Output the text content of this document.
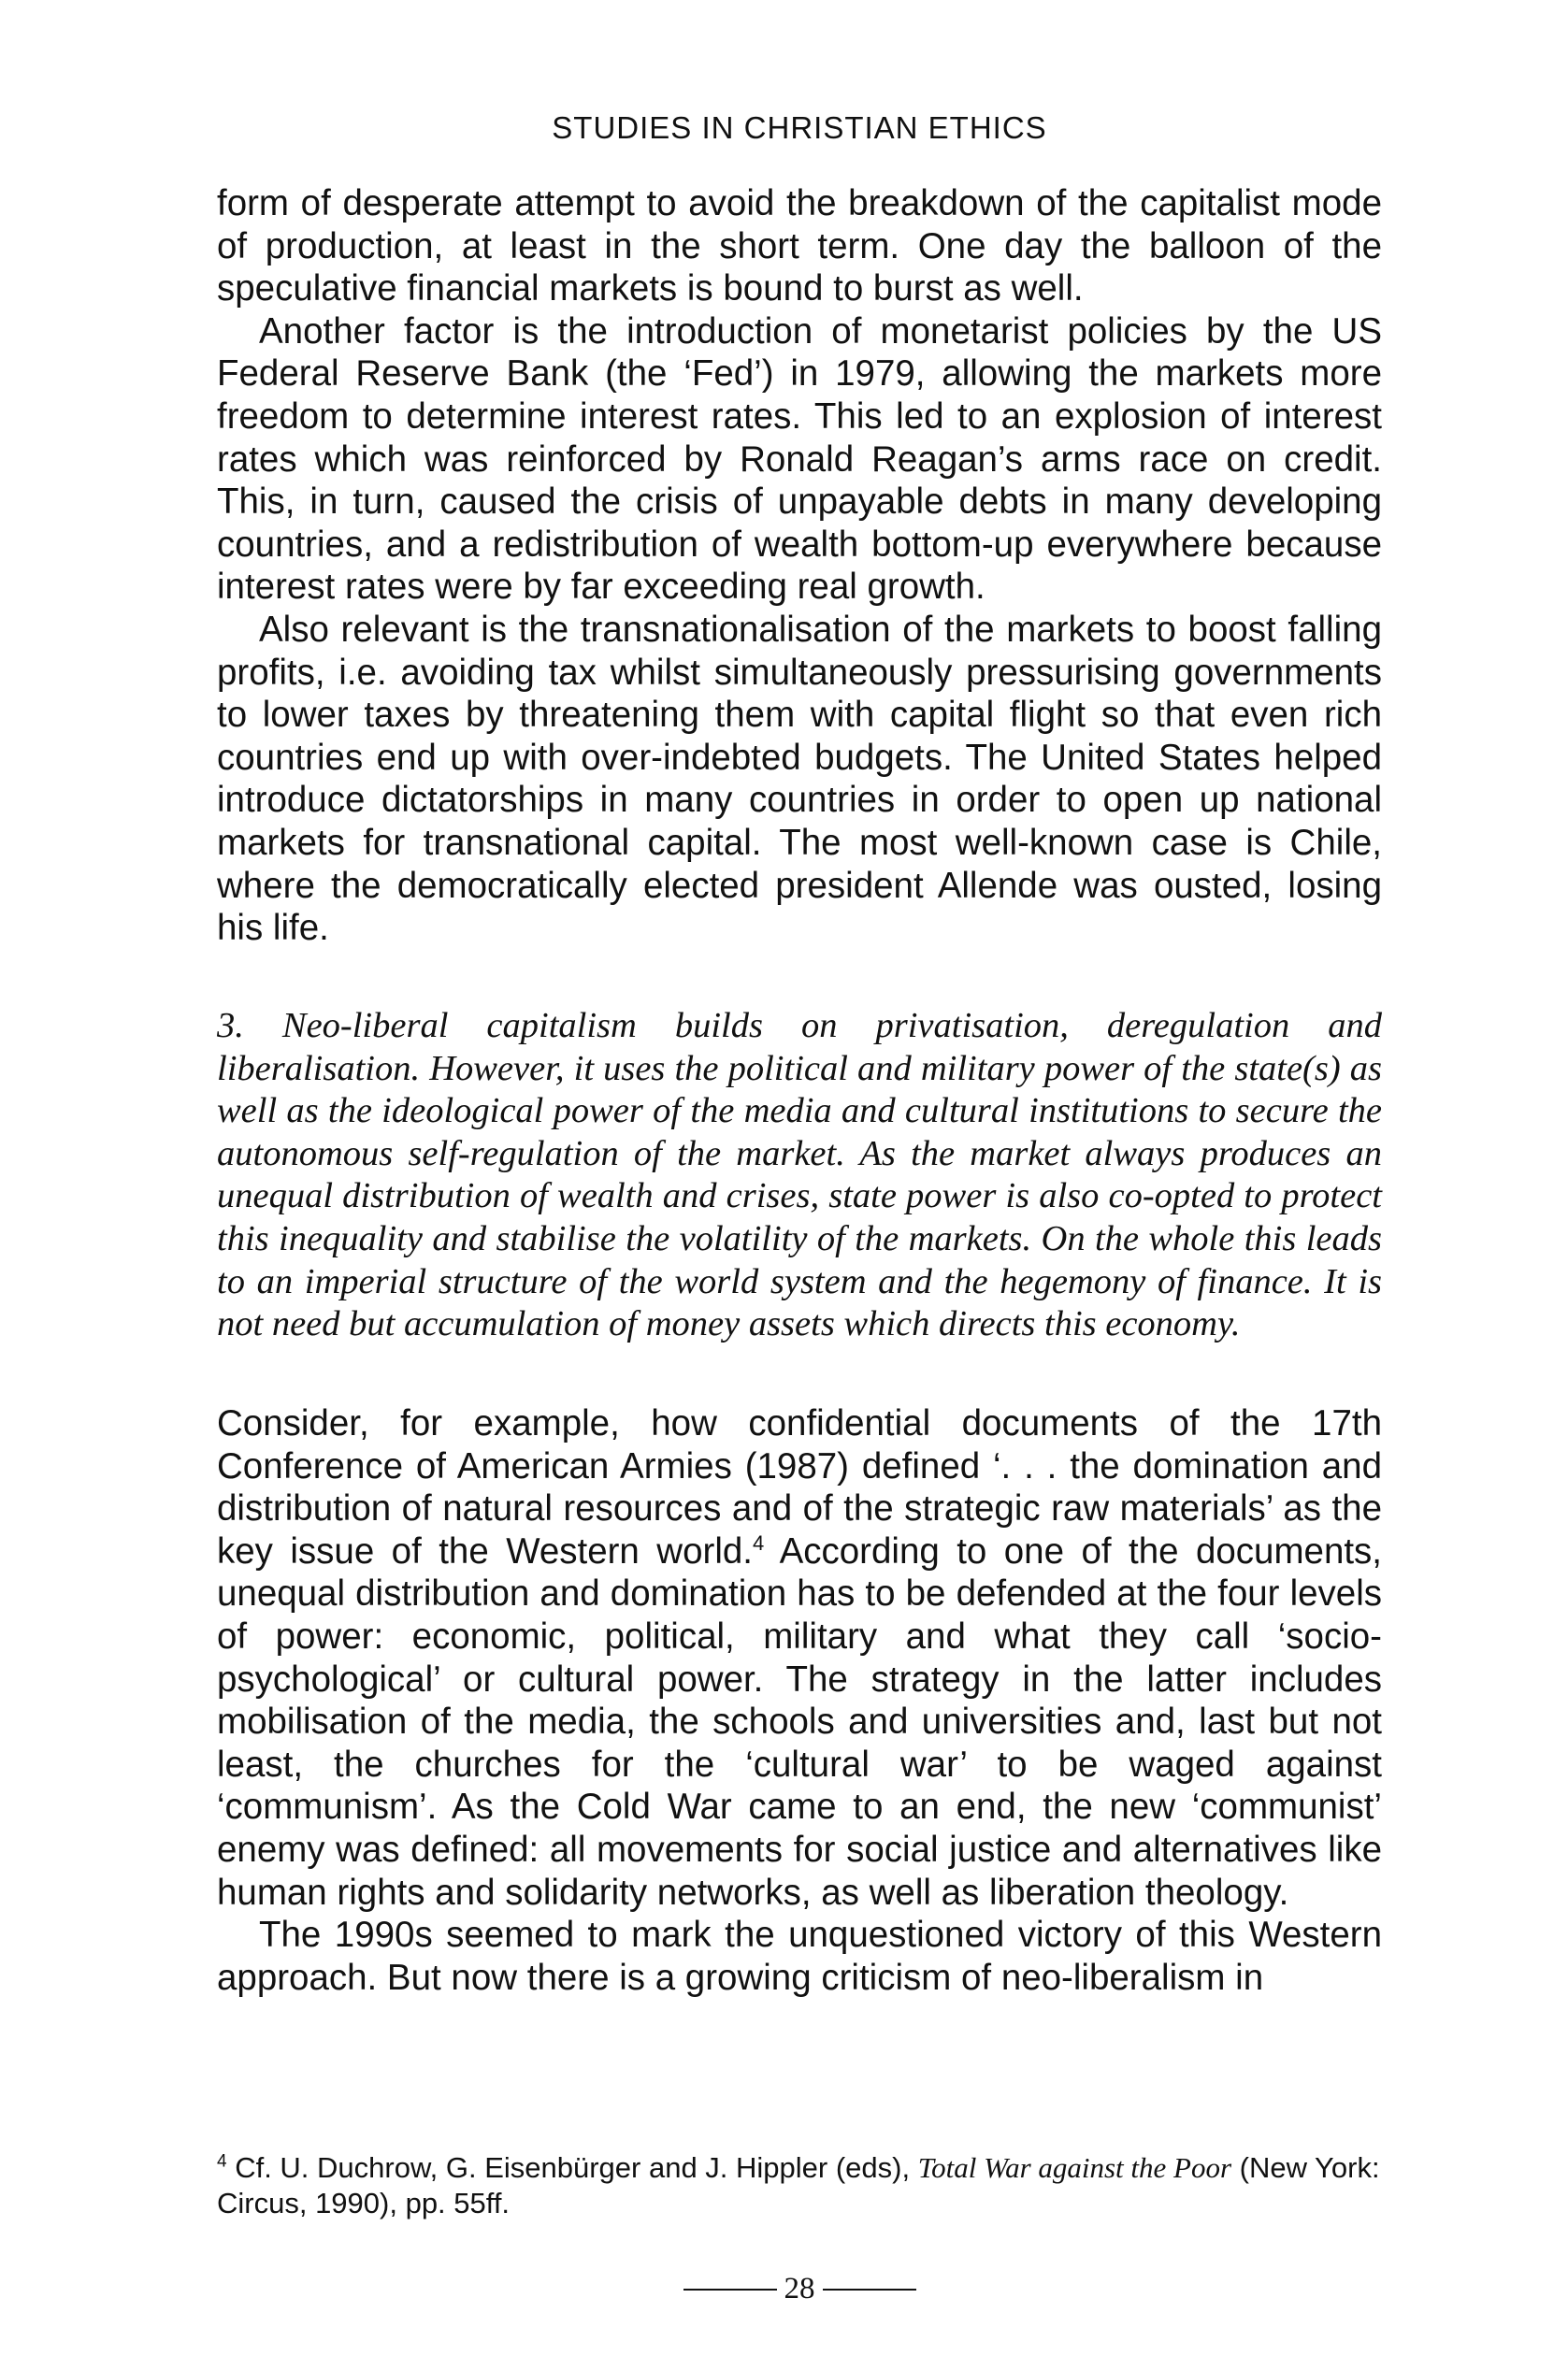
STUDIES IN CHRISTIAN ETHICS

form of desperate attempt to avoid the breakdown of the capitalist mode of production, at least in the short term. One day the balloon of the speculative financial markets is bound to burst as well.

Another factor is the introduction of monetarist policies by the US Federal Reserve Bank (the ‘Fed’) in 1979, allowing the markets more freedom to determine interest rates. This led to an explosion of interest rates which was reinforced by Ronald Reagan’s arms race on credit. This, in turn, caused the crisis of unpayable debts in many developing countries, and a redistribution of wealth bottom-up everywhere because interest rates were by far exceeding real growth.

Also relevant is the transnationalisation of the markets to boost falling profits, i.e. avoiding tax whilst simultaneously pressurising governments to lower taxes by threatening them with capital flight so that even rich countries end up with over-indebted budgets. The United States helped introduce dictatorships in many countries in order to open up national markets for transnational capital. The most well-known case is Chile, where the democratically elected president Allende was ousted, losing his life.

3. Neo-liberal capitalism builds on privatisation, deregulation and liberalisation. However, it uses the political and military power of the state(s) as well as the ideological power of the media and cultural institutions to secure the autonomous self-regulation of the market. As the market always produces an unequal distribution of wealth and crises, state power is also co-opted to protect this inequality and stabilise the volatility of the markets. On the whole this leads to an imperial structure of the world system and the hegemony of finance. It is not need but accumulation of money assets which directs this economy.

Consider, for example, how confidential documents of the 17th Conference of American Armies (1987) defined ‘. . . the domination and distribution of natural resources and of the strategic raw materials’ as the key issue of the Western world.$^4$ According to one of the documents, unequal distribution and domination has to be defended at the four levels of power: economic, political, military and what they call ‘socio-psychological’ or cultural power. The strategy in the latter includes mobilisation of the media, the schools and universities and, last but not least, the churches for the ‘cultural war’ to be waged against ‘communism’. As the Cold War came to an end, the new ‘communist’ enemy was defined: all movements for social justice and alternatives like human rights and solidarity networks, as well as liberation theology.

The 1990s seemed to mark the unquestioned victory of this Western approach. But now there is a growing criticism of neo-liberalism in

$^4$ Cf. U. Duchrow, G. Eisenbürger and J. Hippler (eds), Total War against the Poor (New York: Circus, 1990), pp. 55ff.
28
